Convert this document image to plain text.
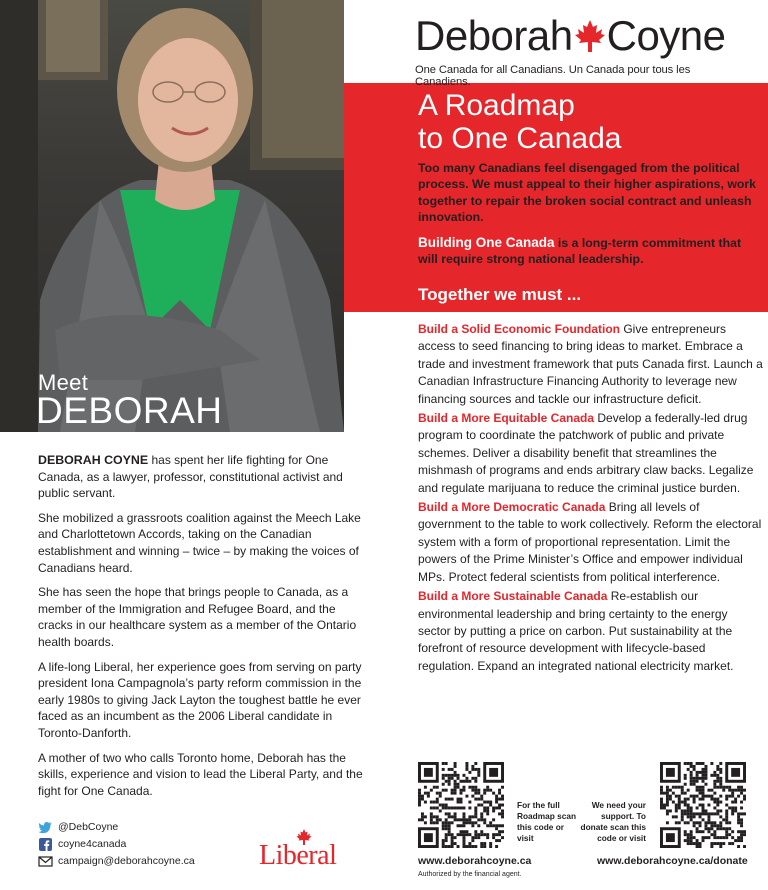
Meet
DEBORAH
Deborah Coyne
One Canada for all Canadians. Un Canada pour tous les Canadiens.
A Roadmap
to One Canada
Too many Canadians feel disengaged from the political process. We must appeal to their higher aspirations, work together to repair the broken social contract and unleash innovation.
Building One Canada is a long-term commitment that will require strong national leadership.
Together we must ...
Build a Solid Economic Foundation Give entrepreneurs access to seed financing to bring ideas to market. Embrace a trade and investment framework that puts Canada first. Launch a Canadian Infrastructure Financing Authority to leverage new financing sources and tackle our infrastructure deficit.
Build a More Equitable Canada Develop a federally-led drug program to coordinate the patchwork of public and private schemes. Deliver a disability benefit that streamlines the mishmash of programs and ends arbitrary claw backs. Legalize and regulate marijuana to reduce the criminal justice burden.
Build a More Democratic Canada Bring all levels of government to the table to work collectively. Reform the electoral system with a form of proportional representation. Limit the powers of the Prime Minister’s Office and empower individual MPs. Protect federal scientists from political interference.
Build a More Sustainable Canada Re-establish our environmental leadership and bring certainty to the energy sector by putting a price on carbon. Put sustainability at the forefront of resource development with lifecycle-based regulation. Expand an integrated national electricity market.

DEBORAH COYNE has spent her life fighting for One Canada, as a lawyer, professor, constitutional activist and public servant.

She mobilized a grassroots coalition against the Meech Lake and Charlottetown Accords, taking on the Canadian establishment and winning – twice – by making the voices of Canadians heard.

She has seen the hope that brings people to Canada, as a member of the Immigration and Refugee Board, and the cracks in our healthcare system as a member of the Ontario health boards.

A life-long Liberal, her experience goes from serving on party president Iona Campagnola’s party reform commission in the early 1980s to giving Jack Layton the toughest battle he ever faced as an incumbent as the 2006 Liberal candidate in Toronto-Danforth.

A mother of two who calls Toronto home, Deborah has the skills, experience and vision to lead the Liberal Party, and the fight for One Canada.

@DebCoyne
coyne4canada
campaign@deborahcoyne.ca Liberal
For the full Roadmap scan this code or visit
We need your support. To donate scan this code or visit
www.deborahcoyne.ca	www.deborahcoyne.ca/donate
Authorized by the financial agent.
